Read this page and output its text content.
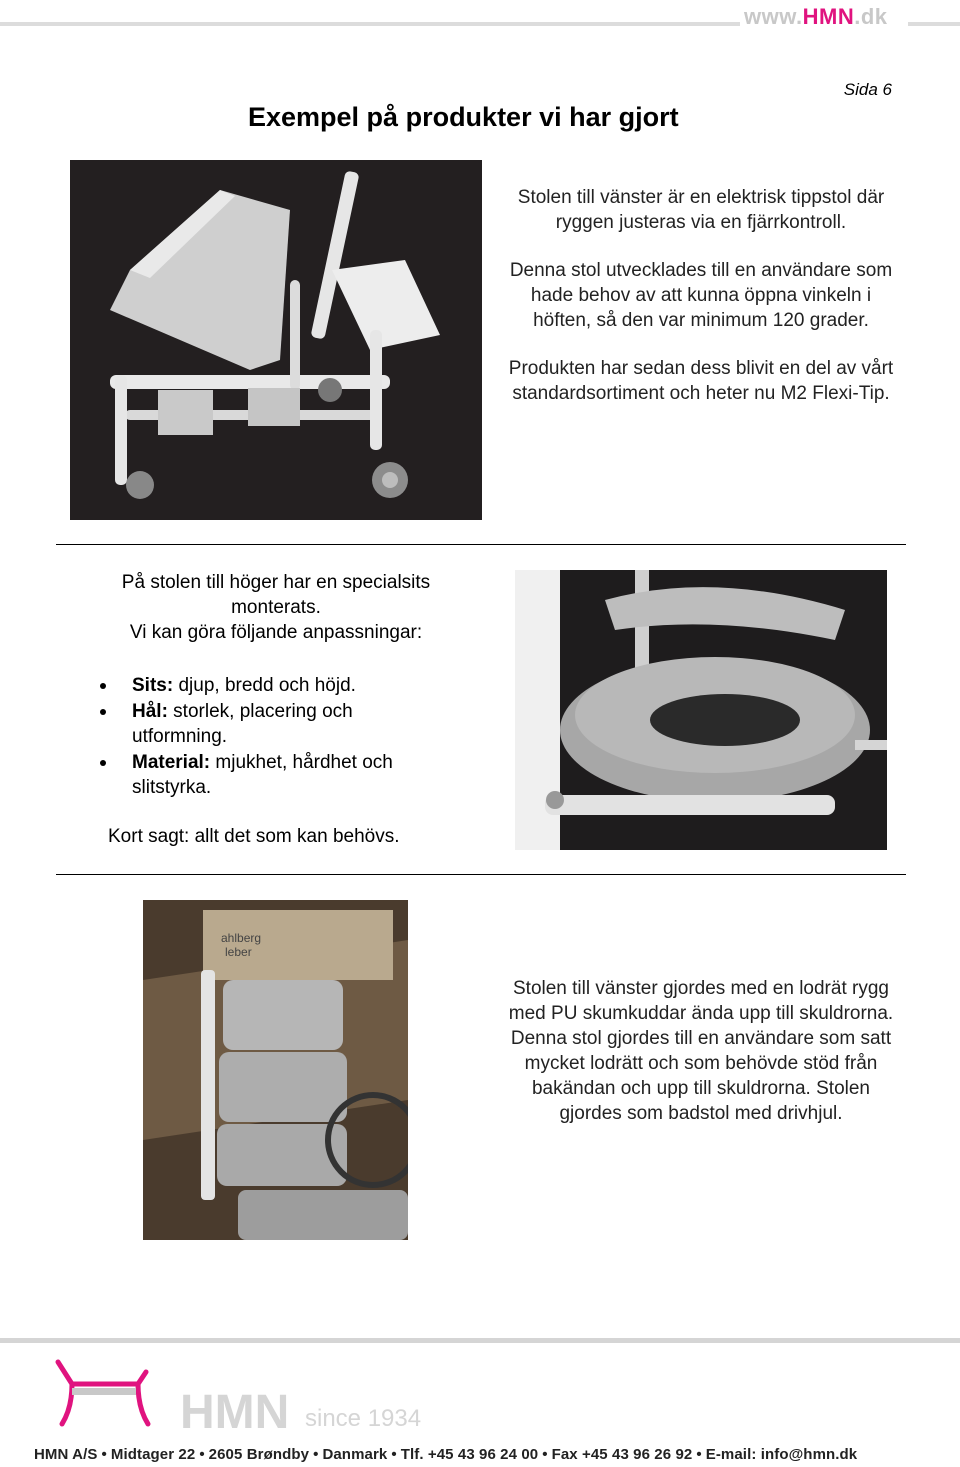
www.HMN.dk
Sida 6
Exempel på produkter vi har gjort

Stolen till vänster är en elektrisk tippstol där ryggen justeras via en fjärrkontroll.

Denna stol utvecklades till en användare som hade behov av att kunna öppna vinkeln i höften, så den var minimum 120 grader.

Produkten har sedan dess blivit en del av vårt standardsortiment och heter nu M2 Flexi-Tip.

På stolen till höger har en specialsits monterats.
Vi kan göra följande anpassningar:
Sits: djup, bredd och höjd.
Hål: storlek, placering och utformning.
Material: mjukhet, hårdhet och slitstyrka.
Kort sagt: allt det som kan behövs.
ahlberg
leber

Stolen till vänster gjordes med en lodrät rygg med PU skumkuddar ända upp till skuldrorna. Denna stol gjordes till en användare som satt mycket lodrätt och som behövde stöd från bakändan och upp till skuldrorna. Stolen gjordes som badstol med drivhjul.

HMN since 1934
HMN A/S • Midtager 22 • 2605 Brøndby • Danmark • Tlf. +45 43 96 24 00 • Fax +45 43 96 26 92 • E-mail: info@hmn.dk
